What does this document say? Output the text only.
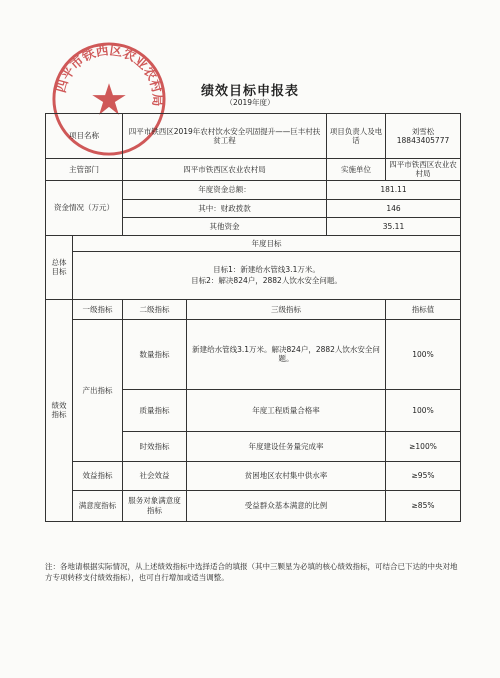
四平市铁西区农业农村局
绩效目标申报表
（2019年度）
项目名称		四平市铁西区2019年农村饮水安全巩固提升——巨丰村扶贫工程		项目负责人及电话	刘雪松18843405777
主管部门		四平市铁西区农业农村局		实施单位	四平市铁西区农业农村局
资金情况（万元）		年度资金总额：		181.11	
		其中：财政拨款		146	
		其他资金		35.11	
总体目标	年度目标				

	目标1：新建给水管线3.1万米。
目标2：解决824户，2882人饮水安全问题。				

绩效指标	一级指标	二级指标	三级指标		指标值
	产出指标	数量指标	新建给水管线3.1万米。解决824户，2882人饮水安全问题。		100%
		质量指标	年度工程质量合格率		100%
		时效指标	年度建设任务量完成率		≥100%
	效益指标	社会效益	贫困地区农村集中供水率		≥95%
	满意度指标	服务对象满意度指标	受益群众基本满意的比例		≥85%
注：各地请根据实际情况，从上述绩效指标中选择适合的填报（其中三颗星为必填的核心绩效指标，可结合已下达的中央对地方专项转移支付绩效指标），也可自行增加或适当调整。
